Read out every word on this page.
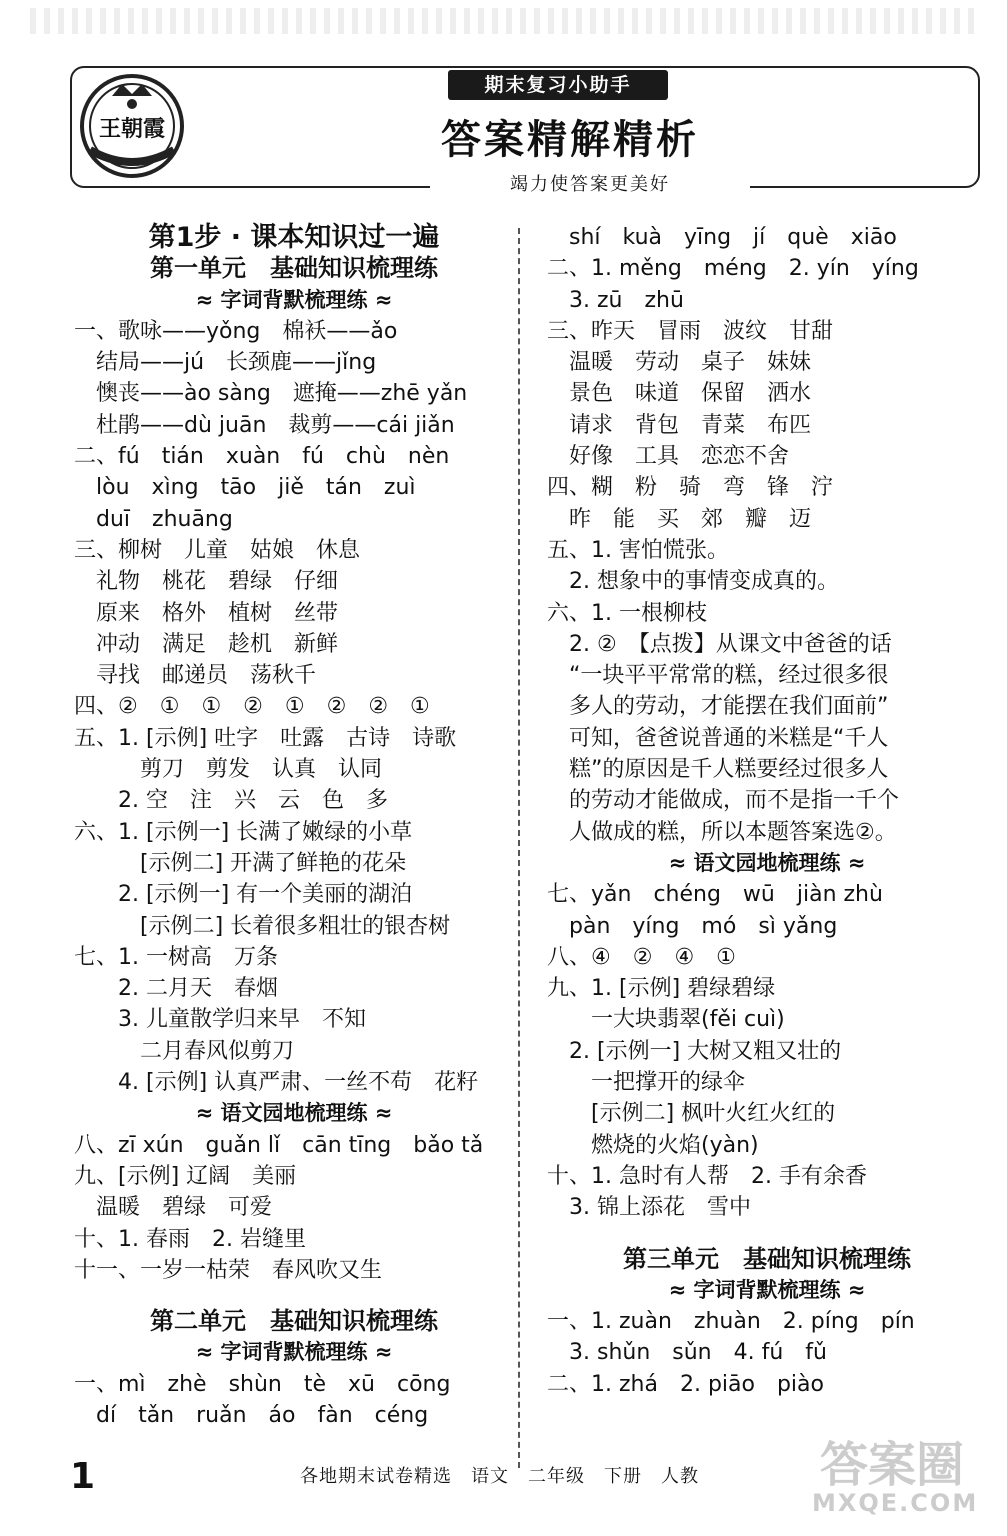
王朝霞
期末复习小助手
答案精解精析
竭力使答案更美好
第1步 · 课本知识过一遍
第一单元　基础知识梳理练
≈ 字词背默梳理练 ≈
一、歌咏——yǒng　棉袄——ǎo
　结局——jú　长颈鹿——jǐng
　懊丧——ào sàng　遮掩——zhē yǎn
　杜鹃——dù juān　裁剪——cái jiǎn
二、fú　tián　xuàn　fú　chù　nèn
　lòu　xìng　tāo　jiě　tán　zuì
　duī　zhuāng
三、柳树　儿童　姑娘　休息
　礼物　桃花　碧绿　仔细
　原来　格外　植树　丝带
　冲动　满足　趁机　新鲜
　寻找　邮递员　荡秋千
四、②　①　①　②　①　②　②　①
五、1. [示例] 吐字　吐露　古诗　诗歌
　　　剪刀　剪发　认真　认同
　　2. 空　注　兴　云　色　多
六、1. [示例一] 长满了嫩绿的小草
　　　[示例二] 开满了鲜艳的花朵
　　2. [示例一] 有一个美丽的湖泊
　　　[示例二] 长着很多粗壮的银杏树
七、1. 一树高　万条
　　2. 二月天　春烟
　　3. 儿童散学归来早　不知
　　　二月春风似剪刀
　　4. [示例] 认真严肃、一丝不苟　花籽
≈ 语文园地梳理练 ≈
八、zī xún　guǎn lǐ　cān tīng　bǎo tǎ
九、[示例] 辽阔　美丽
　温暖　碧绿　可爱
十、1. 春雨　2. 岩缝里
十一、一岁一枯荣　春风吹又生
第二单元　基础知识梳理练
≈ 字词背默梳理练 ≈
一、mì　zhè　shùn　tè　xū　cōng
　dí　tǎn　ruǎn　áo　fàn　céng
　shí　kuà　yīng　jí　què　xiāo
二、1. měng　méng　2. yín　yíng
　3. zū　zhū
三、昨天　冒雨　波纹　甘甜
　温暖　劳动　桌子　妹妹
　景色　味道　保留　洒水
　请求　背包　青菜　布匹
　好像　工具　恋恋不舍
四、糊　粉　骑　弯　锋　泞
　昨　能　买　郊　瓣　迈
五、1. 害怕慌张。
　2. 想象中的事情变成真的。
六、1. 一根柳枝
　2. ②　【点拨】从课文中爸爸的话
　“一块平平常常的糕，经过很多很
　多人的劳动，才能摆在我们面前”
　可知，爸爸说普通的米糕是“千人
　糕”的原因是千人糕要经过很多人
　的劳动才能做成，而不是指一千个
　人做成的糕，所以本题答案选②。
≈ 语文园地梳理练 ≈
七、yǎn　chéng　wū　jiàn zhù
　pàn　yíng　mó　sì yǎng
八、④　②　④　①
九、1. [示例] 碧绿碧绿
　　一大块翡翠(fěi cuì)
　2. [示例一] 大树又粗又壮的
　　一把撑开的绿伞
　　[示例二] 枫叶火红火红的
　　燃烧的火焰(yàn)
十、1. 急时有人帮　2. 手有余香
　3. 锦上添花　雪中
第三单元　基础知识梳理练
≈ 字词背默梳理练 ≈
一、1. zuàn　zhuàn　2. píng　pín
　3. shǔn　sǔn　4. fú　fǔ
二、1. zhá　2. piāo　piào
1	各地期末试卷精选　语文　二年级　下册　人教	答案圈
MXQE.COM
